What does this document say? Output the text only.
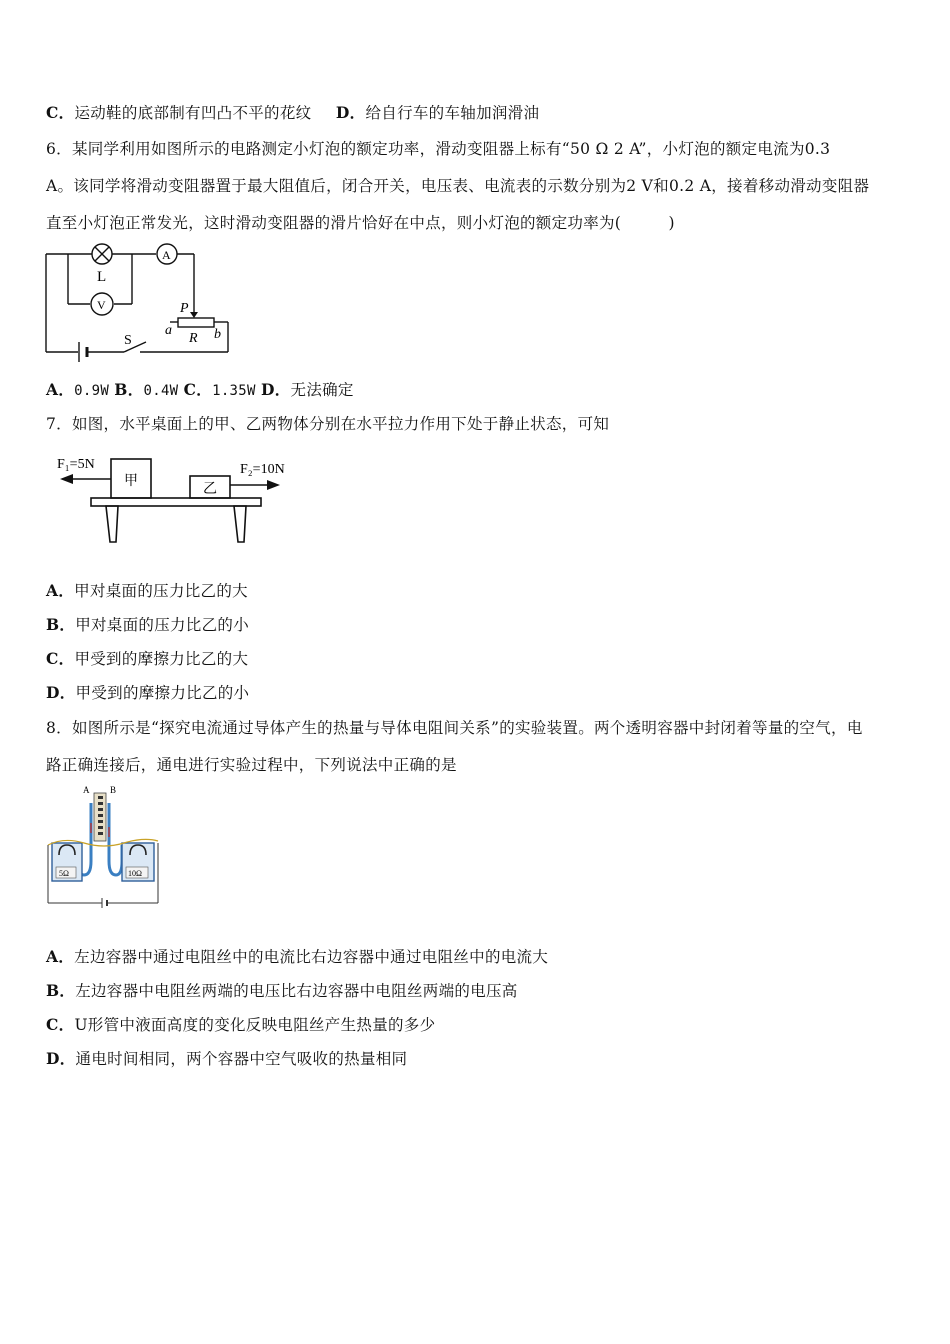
C．运动鞋的底部制有凹凸不平的花纹 D．给自行车的车轴加润滑油
6．某同学利用如图所示的电路测定小灯泡的额定功率，滑动变阻器上标有“50 Ω 2 A”，小灯泡的额定电流为0.3
A。该同学将滑动变阻器置于最大阻值后，闭合开关，电压表、电流表的示数分别为2 V和0.2 A，接着移动滑动变阻器
直至小灯泡正常发光，这时滑动变阻器的滑片恰好在中点，则小灯泡的额定功率为(　　　)
L
A
V	P
a
R b
S
A．0.9W B．0.4W C．1.35W D．无法确定
7．如图，水平桌面上的甲、乙两物体分别在水平拉力作用下处于静止状态，可知
F₁=5N	F₂=10N
甲
乙
A．甲对桌面的压力比乙的大
B．甲对桌面的压力比乙的小
C．甲受到的摩擦力比乙的大
D．甲受到的摩擦力比乙的小
8．如图所示是“探究电流通过导体产生的热量与导体电阻间关系”的实验装置。两个透明容器中封闭着等量的空气，电
路正确连接后，通电进行实验过程中，下列说法中正确的是
A B
5Ω	10Ω
A．左边容器中通过电阻丝中的电流比右边容器中通过电阻丝中的电流大
B．左边容器中电阻丝两端的电压比右边容器中电阻丝两端的电压高
C．U形管中液面高度的变化反映电阻丝产生热量的多少
D．通电时间相同，两个容器中空气吸收的热量相同
